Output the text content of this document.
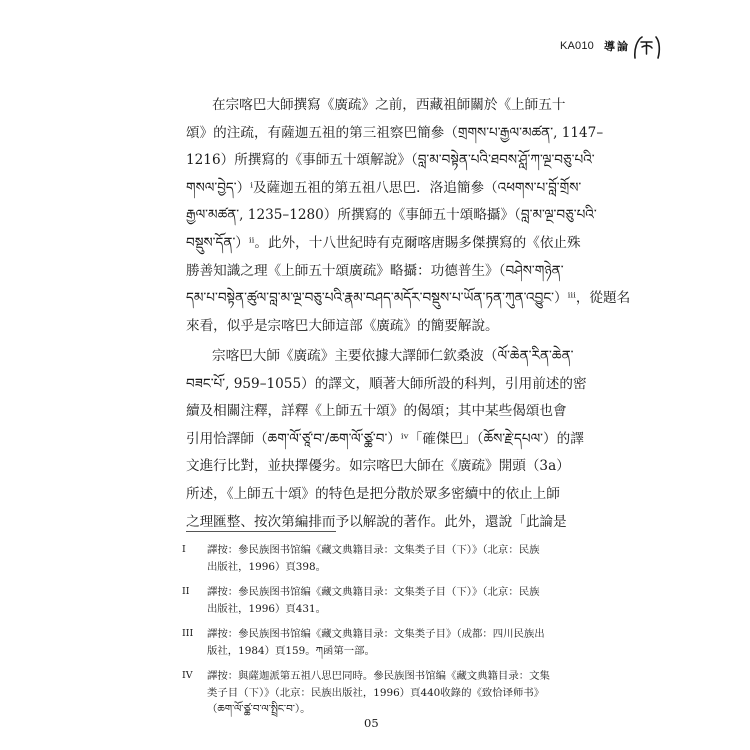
KA010 導論
在宗喀巴大師撰寫《廣疏》之前，西藏祖師關於《上師五十
頌》的注疏，有薩迦五祖的第三祖察巴簡參（གྲགས་པ་རྒྱལ་མཚན་, 1147–
1216）所撰寫的《事師五十頌解說》（བླ་མ་བསྟེན་པའི་ཐབས་ཤློ་ཀ་ལྔ་བཅུ་པའི་
གསལ་བྱེད་）ⁱ及薩迦五祖的第五祖八思巴．洛追簡參（འཕགས་པ་བློ་གྲོས་
རྒྱལ་མཚན་, 1235–1280）所撰寫的《事師五十頌略攝》（བླ་མ་ལྔ་བཅུ་པའི་
བསྡུས་དོན་）ⁱⁱ。此外，十八世紀時有克爾喀唐賜多傑撰寫的《依止殊
勝善知識之理《上師五十頌廣疏》略攝：功德普生》（བཤེས་གཉེན་
དམ་པ་བསྟེན་ཚུལ་བླ་མ་ལྔ་བཅུ་པའི་རྣམ་བཤད་མདོར་བསྡུས་པ་ཡོན་ཏན་ཀུན་འབྱུང་）ⁱⁱⁱ，從題名
來看，似乎是宗喀巴大師這部《廣疏》的簡要解說。
宗喀巴大師《廣疏》主要依據大譯師仁欽桑波（ལོ་ཆེན་རིན་ཆེན་
བཟང་པོ་, 959–1055）的譯文，順著大師所設的科判，引用前述的密
續及相關注釋，詳釋《上師五十頌》的偈頌；其中某些偈頌也會
引用恰譯師（ཆག་ལོ་ཙཱ་བ་/ཆག་ལོ་ཙྪ་བ་）ⁱᵛ「確傑巴」（ཆོས་རྗེ་དཔལ་）的譯
文進行比對，並抉擇優劣。如宗喀巴大師在《廣疏》開頭（3a）
所述，《上師五十頌》的特色是把分散於眾多密續中的依止上師
之理匯整、按次第編排而予以解說的著作。此外，還說「此論是
I	譯按：參民族图书馆编《藏文典籍目录：文集类子目（下）》（北京：民族
出版社，1996）頁398。
II	譯按：參民族图书馆编《藏文典籍目录：文集类子目（下）》（北京：民族
出版社，1996）頁431。
III	譯按：參民族图书馆编《藏文典籍目录：文集类子目》（成都：四川民族出
版社，1984）頁159。ཀ函第一部。
IV	譯按：與薩迦派第五祖八思巴同時。參民族图书馆编《藏文典籍目录：文集
类子目（下）》（北京：民族出版社，1996）頁440收錄的《致恰译师书》
（ཆག་ལོ་ཙྪ་བ་ལ་སྤྲིང་བ་）。
05
